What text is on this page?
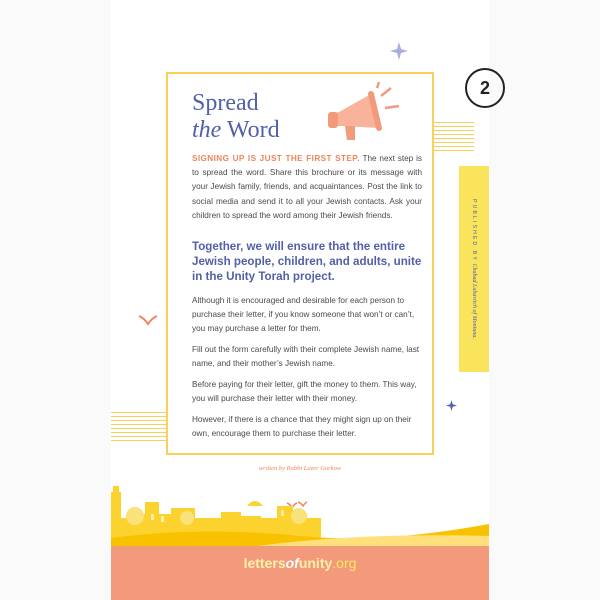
Spread
the Word
SIGNING UP IS JUST THE FIRST STEP. The next step is to spread the word. Share this brochure or its message with your Jewish family, friends, and acquaintances. Post the link to social media and send it to all your Jewish contacts. Ask your children to spread the word among their Jewish friends.
Together, we will ensure that the entire Jewish people, children, and adults, unite in the Unity Torah project.
Although it is encouraged and desirable for each person to purchase their letter, if you know someone that won’t or can’t, you may purchase a letter for them.
Fill out the form carefully with their complete Jewish name, last name, and their mother’s Jewish name.
Before paying for their letter, gift the money to them. This way, you will purchase their letter with their money.
However, if there is a chance that they might sign up on their own, encourage them to purchase their letter.
written by Rabbi Lazer Gurkow
2
PUBLISHED BY Chabad Lubavitch of Montana.
lettersofunity.org
